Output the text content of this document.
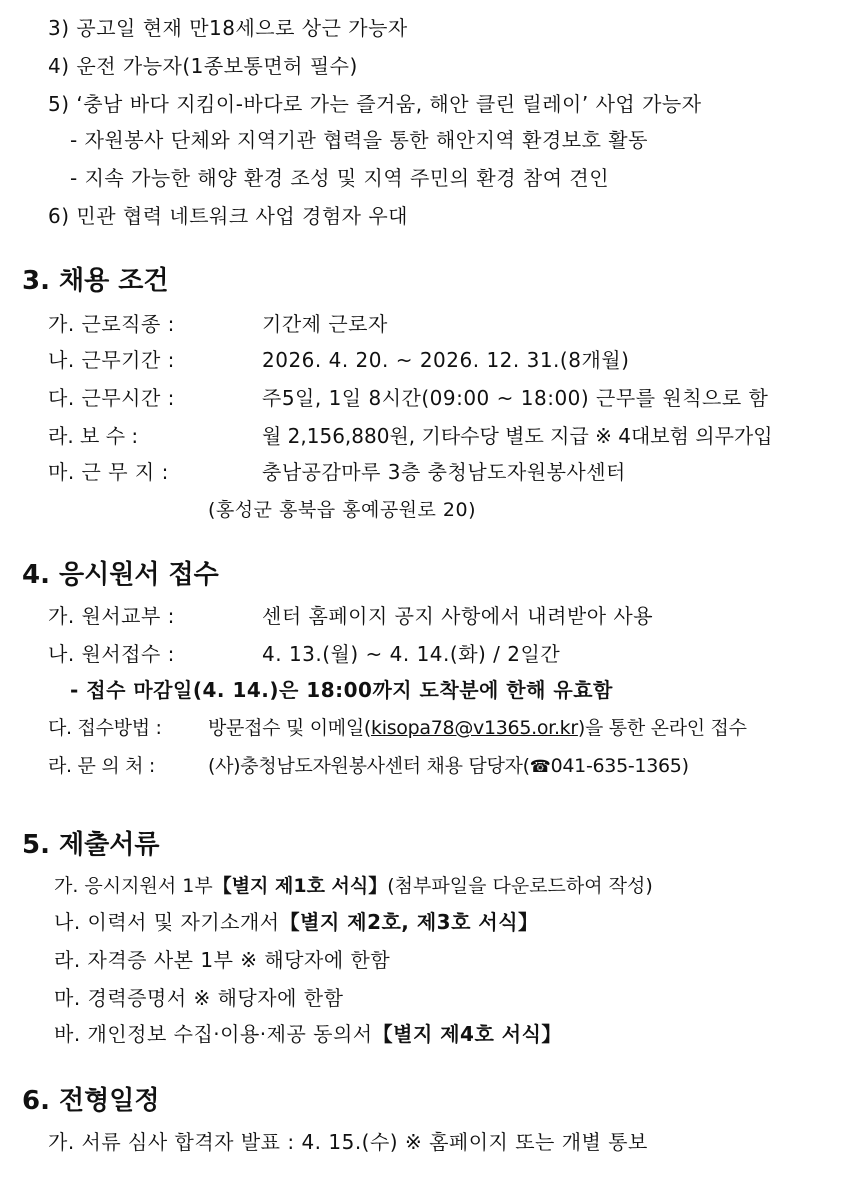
3) 공고일 현재 만18세으로 상근 가능자
4) 운전 가능자(1종보통면허 필수)
5) ‘충남 바다 지킴이-바다로 가는 즐거움, 해안 클린 릴레이’ 사업 가능자
- 자원봉사 단체와 지역기관 협력을 통한 해안지역 환경보호 활동
- 지속 가능한 해양 환경 조성 및 지역 주민의 환경 참여 견인
6) 민관 협력 네트워크 사업 경험자 우대
3. 채용 조건
가. 근로직종 :	기간제 근로자
나. 근무기간 :	2026. 4. 20. ~ 2026. 12. 31.(8개월)
다. 근무시간 :	주5일, 1일 8시간(09:00 ~ 18:00) 근무를 원칙으로 함
라. 보 수 :	월 2,156,880원, 기타수당 별도 지급 ※ 4대보험 의무가입
마. 근 무 지 :	충남공감마루 3층 충청남도자원봉사센터
(홍성군 홍북읍 홍예공원로 20)
4. 응시원서 접수
가. 원서교부 :	센터 홈페이지 공지 사항에서 내려받아 사용
나. 원서접수 :	4. 13.(월) ~ 4. 14.(화) / 2일간
- 접수 마감일(4. 14.)은 18:00까지 도착분에 한해 유효함
다. 접수방법 : 방문접수 및 이메일(kisopa78@v1365.or.kr)을 통한 온라인 접수
라. 문 의 처 :	(사)충청남도자원봉사센터 채용 담당자(☎041-635-1365)
5. 제출서류
가. 응시지원서 1부【별지 제1호 서식】(첨부파일을 다운로드하여 작성)
나. 이력서 및 자기소개서【별지 제2호, 제3호 서식】
라. 자격증 사본 1부 ※ 해당자에 한함
마. 경력증명서 ※ 해당자에 한함
바. 개인정보 수집·이용·제공 동의서【별지 제4호 서식】
6. 전형일정
가. 서류 심사 합격자 발표 : 4. 15.(수) ※ 홈페이지 또는 개별 통보
